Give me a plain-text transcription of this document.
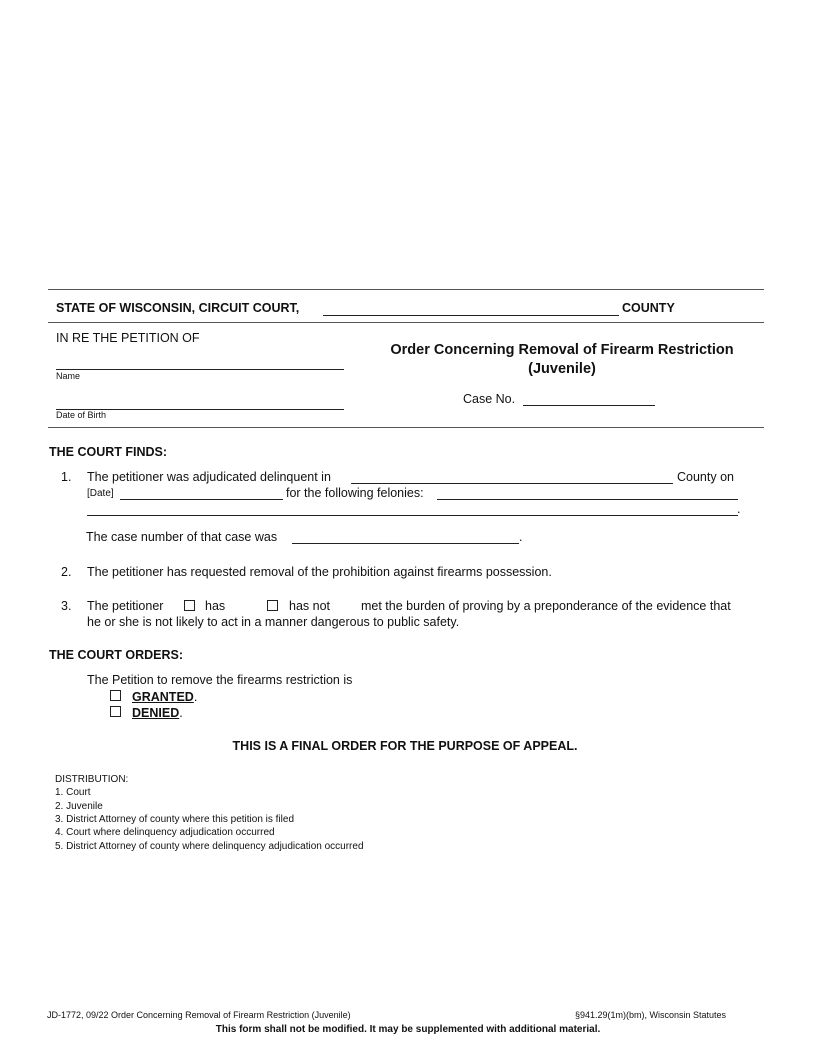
STATE OF WISCONSIN, CIRCUIT COURT,	COUNTY
IN RE THE PETITION OF
Name
Date of Birth
Order Concerning Removal of Firearm Restriction
(Juvenile)
Case No.
THE COURT FINDS:
1. The petitioner was adjudicated delinquent in	County on
[Date]	for the following felonies:
.
The case number of that case was	.
2. The petitioner has requested removal of the prohibition against firearms possession.
3. The petitioner	has	has not met the burden of proving by a preponderance of the evidence that
he or she is not likely to act in a manner dangerous to public safety.
THE COURT ORDERS:
The Petition to remove the firearms restriction is
GRANTED.
DENIED.
THIS IS A FINAL ORDER FOR THE PURPOSE OF APPEAL.
DISTRIBUTION:
1. Court
2. Juvenile
3. District Attorney of county where this petition is filed
4. Court where delinquency adjudication occurred
5. District Attorney of county where delinquency adjudication occurred
JD-1772, 09/22 Order Concerning Removal of Firearm Restriction (Juvenile)	§941.29(1m)(bm), Wisconsin Statutes
This form shall not be modified. It may be supplemented with additional material.
